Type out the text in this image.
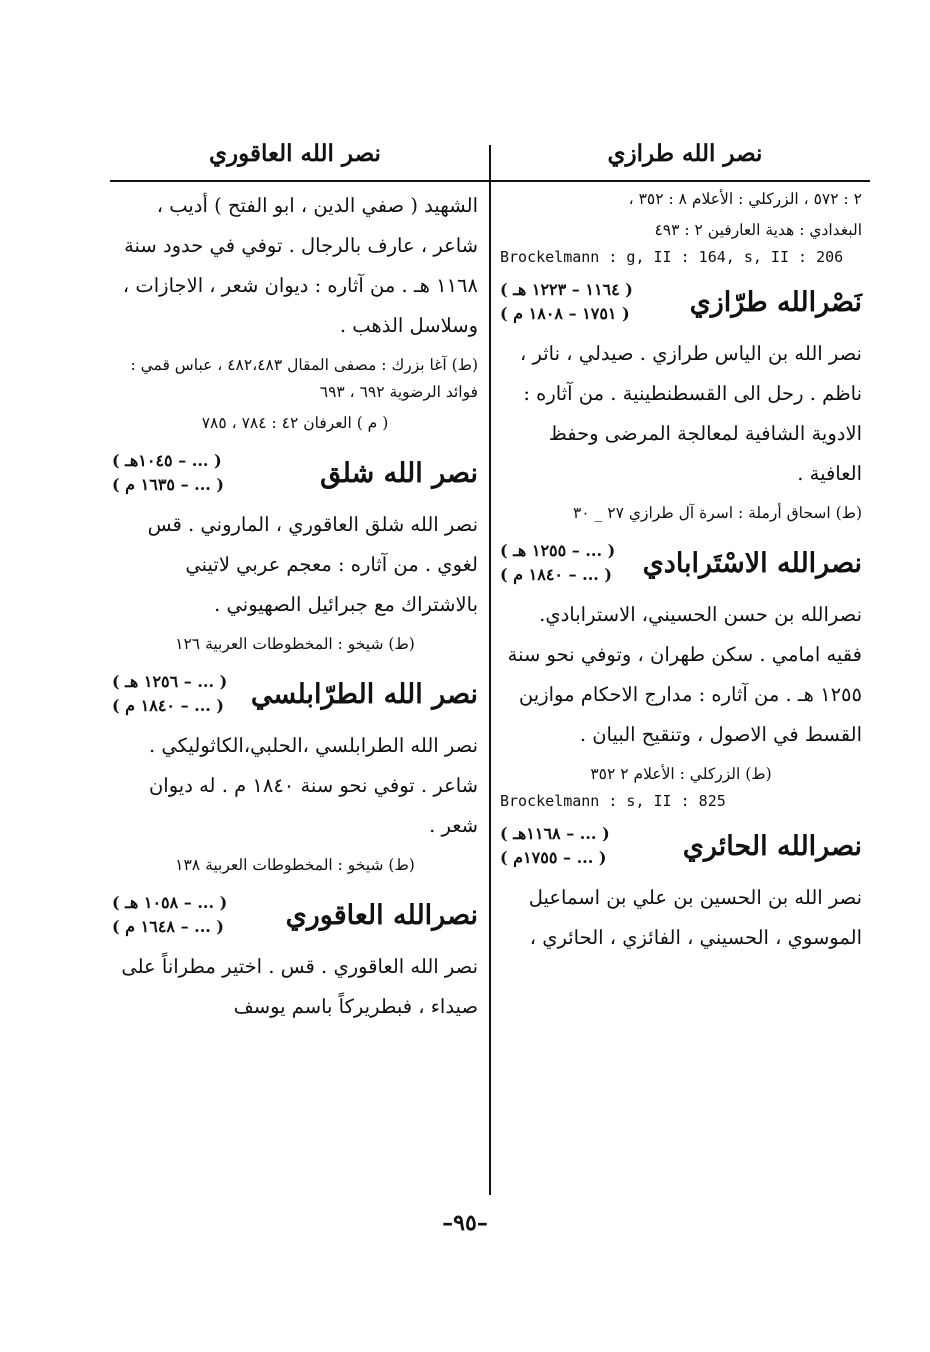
نصر الله طرازي
نصر الله العاقوري

٢ : ٥٧٢ ، الزركلي : الأعلام ٨ : ٣٥٢ ،

البغدادي : هدية العارفين ٢ : ٤٩٣

Brockelmann : g, II : 164, s, II : 206

نَصْرالله طرّازي
( ١١٦٤ – ١٢٢٣ هـ )
( ١٧٥١ – ١٨٠٨ م )

نصر الله بن الياس طرازي . صيدلي ، ناثر ، ناظم . رحل الى القسطنطينية . من آثاره : الادوية الشافية لمعالجة المرضى وحفظ العافية .

(ط) اسحاق أرملة : اسرة آل طرازي ٢٧ _ ٣٠

نصرالله الاسْتَرابادي
( ... – ١٢٥٥ هـ )
( ... – ١٨٤٠ م )

نصرالله بن حسن الحسيني، الاسترابادي. فقيه امامي . سكن طهران ، وتوفي نحو سنة ١٢٥٥ هـ . من آثاره : مدارج الاحكام موازين القسط في الاصول ، وتنقيح البيان .

(ط) الزركلي : الأعلام ٢ ٣٥٢

Brockelmann : s, II : 825

نصرالله الحائري
( ... – ١١٦٨هـ )
( ... – ١٧٥٥م )

نصر الله بن الحسين بن علي بن اسماعيل الموسوي ، الحسيني ، الفائزي ، الحائري ،

الشهيد ( صفي الدين ، ابو الفتح ) أديب ، شاعر ، عارف بالرجال . توفي في حدود سنة ١١٦٨ هـ . من آثاره : ديوان شعر ، الاجازات ، وسلاسل الذهب .

(ط) آغا بزرك : مصفى المقال ٤٨٢،٤٨٣ ، عباس قمي : فوائد الرضوية ٦٩٢ ، ٦٩٣

( م ) العرفان ٤٢ : ٧٨٤ ، ٧٨٥

نصر الله شلق
( ... – ١٠٤٥هـ )
( ... – ١٦٣٥ م )

نصر الله شلق العاقوري ، الماروني . قس لغوي . من آثاره : معجم عربي لاتيني بالاشتراك مع جبرائيل الصهيوني .

(ط) شيخو : المخطوطات العربية ١٢٦

نصر الله الطرّابلسي
( ... – ١٢٥٦ هـ )
( ... – ١٨٤٠ م )

نصر الله الطرابلسي ،الحلبي،الكاثوليكي . شاعر . توفي نحو سنة ١٨٤٠ م . له ديوان شعر .

(ط) شيخو : المخطوطات العربية ١٣٨

نصرالله العاقوري
( ... – ١٠٥٨ هـ )
( ... – ١٦٤٨ م )

نصر الله العاقوري . قس . اختير مطراناً على صيداء ، فبطريركاً باسم يوسف

–٩٥–
